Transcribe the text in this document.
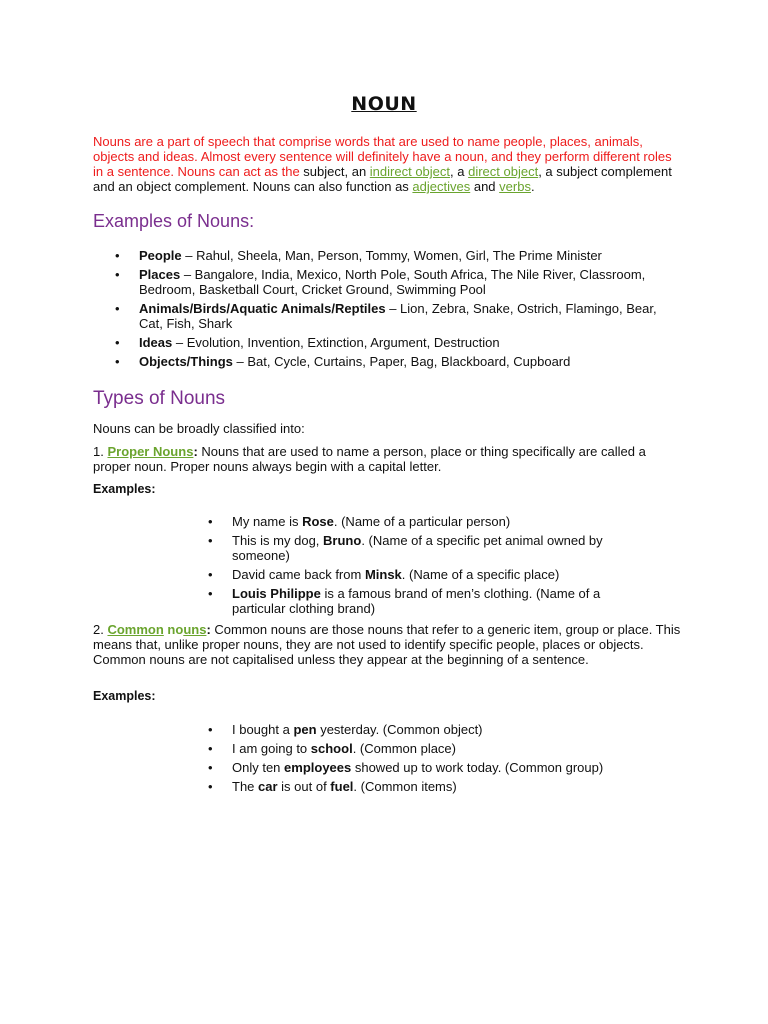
NOUN

Nouns are a part of speech that comprise words that are used to name people, places, animals, objects and ideas. Almost every sentence will definitely have a noun, and they perform different roles in a sentence. Nouns can act as the subject, an indirect object, a direct object, a subject complement and an object complement. Nouns can also function as adjectives and verbs.

Examples of Nouns:
• People – Rahul, Sheela, Man, Person, Tommy, Women, Girl, The Prime Minister
• Places – Bangalore, India, Mexico, North Pole, South Africa, The Nile River, Classroom, Bedroom, Basketball Court, Cricket Ground, Swimming Pool
• Animals/Birds/Aquatic Animals/Reptiles – Lion, Zebra, Snake, Ostrich, Flamingo, Bear, Cat, Fish, Shark
• Ideas – Evolution, Invention, Extinction, Argument, Destruction
• Objects/Things – Bat, Cycle, Curtains, Paper, Bag, Blackboard, Cupboard
Types of Nouns
Nouns can be broadly classified into:

1. Proper Nouns: Nouns that are used to name a person, place or thing specifically are called a proper noun. Proper nouns always begin with a capital letter.

Examples:
• My name is Rose. (Name of a particular person)
• This is my dog, Bruno. (Name of a specific pet animal owned by someone)
• David came back from Minsk. (Name of a specific place)
• Louis Philippe is a famous brand of men’s clothing. (Name of a particular clothing brand)

2. Common nouns: Common nouns are those nouns that refer to a generic item, group or place. This means that, unlike proper nouns, they are not used to identify specific people, places or objects. Common nouns are not capitalised unless they appear at the beginning of a sentence.

Examples:
• I bought a pen yesterday. (Common object)
• I am going to school. (Common place)
• Only ten employees showed up to work today. (Common group)
• The car is out of fuel. (Common items)
